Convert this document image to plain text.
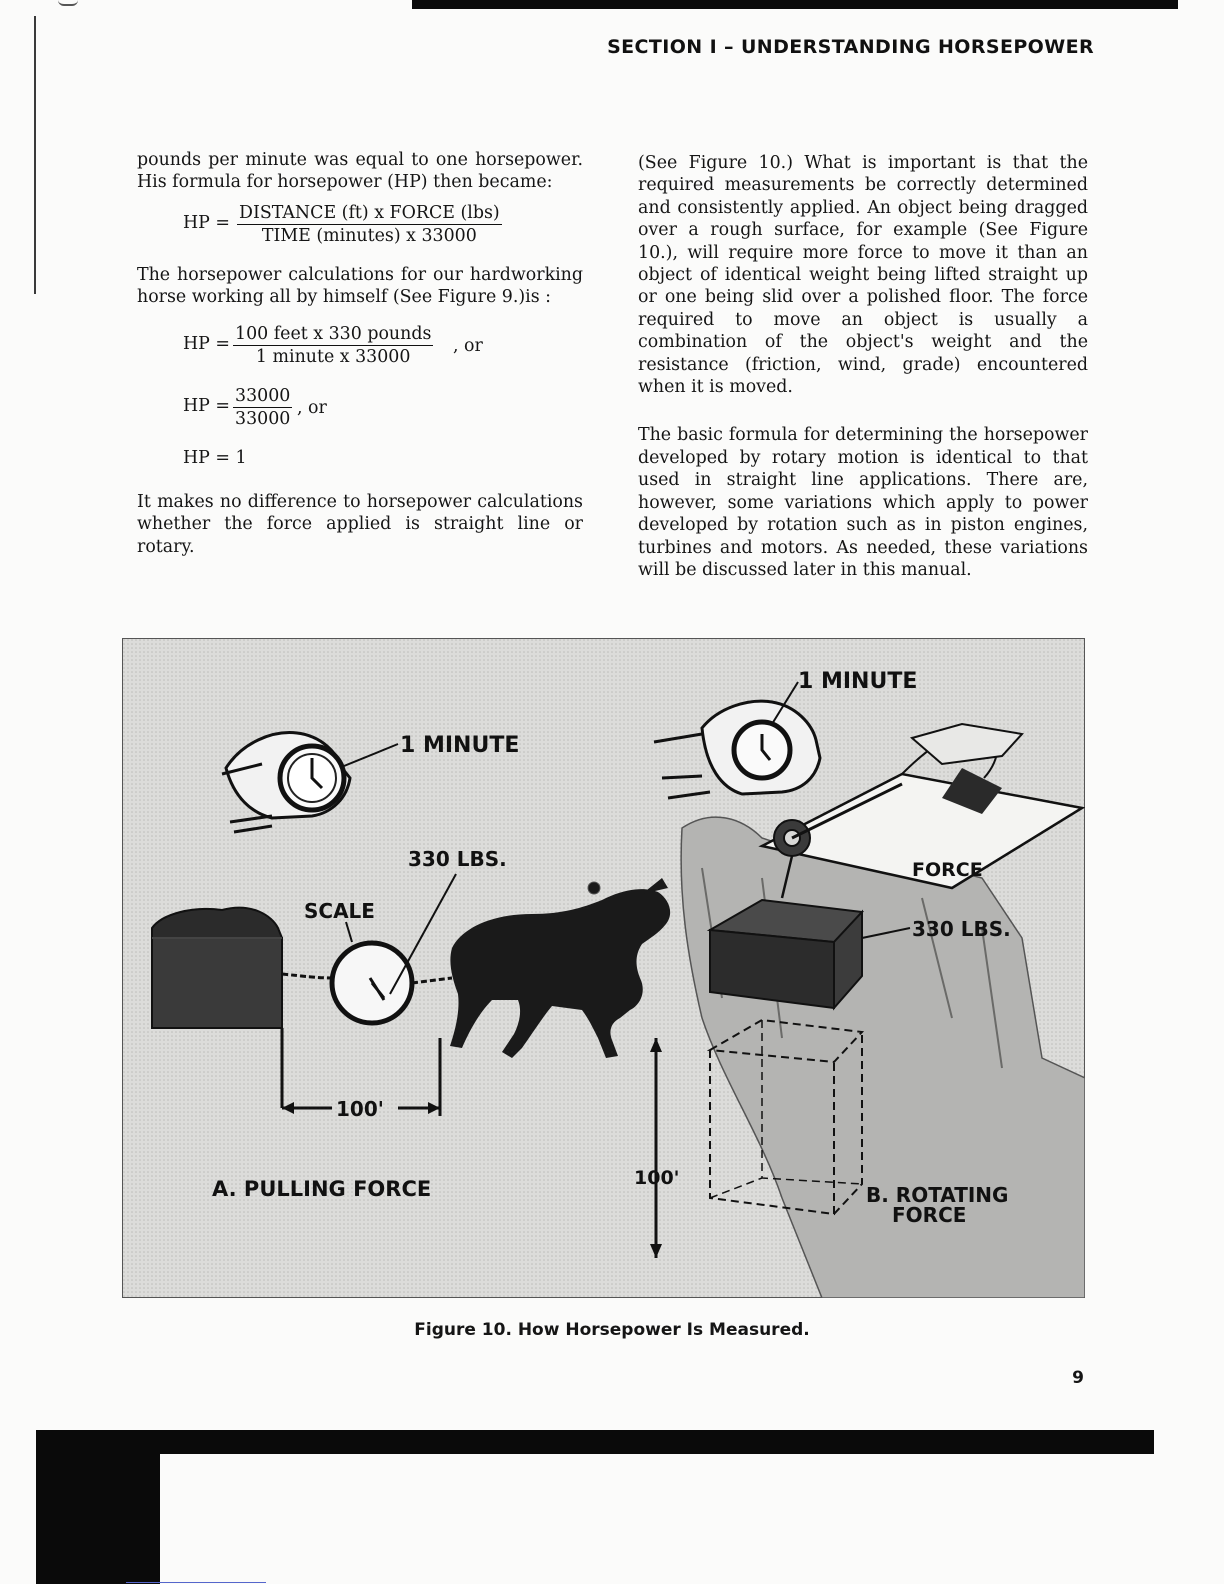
SECTION I – UNDERSTANDING HORSEPOWER

pounds per minute was equal to one horsepower. His formula for horsepower (HP) then became:

HP = DISTANCE (ft) x FORCE (lbs)
TIME (minutes) x 33000

The horsepower calculations for our hardworking horse working all by himself (See Figure 9.)is :

HP = 100 feet x 330 pounds
1 minute x 33000
, or
HP = $\frac{33000}{33000}$ , or
HP = 1

It makes no difference to horsepower calculations whether the force applied is straight line or rotary.

(See Figure 10.) What is important is that the required measurements be correctly determined and consistently applied. An object being dragged over a rough surface, for example (See Figure 10.), will require more force to move it than an object of identical weight being lifted straight up or one being slid over a polished floor. The force required to move an object is usually a combination of the object's weight and the resistance (friction, wind, grade) encountered when it is moved.

The basic formula for determining the horsepower developed by rotary motion is identical to that used in straight line applications. There are, however, some variations which apply to power developed by rotation such as in piston engines, turbines and motors. As needed, these variations will be discussed later in this manual.

1 MINUTE
SCALE
330 LBS.
100'
A. PULLING FORCE
1 MINUTE
FORCE
330 LBS.
100'
B. ROTATING
FORCE
Figure 10. How Horsepower Is Measured.
9
